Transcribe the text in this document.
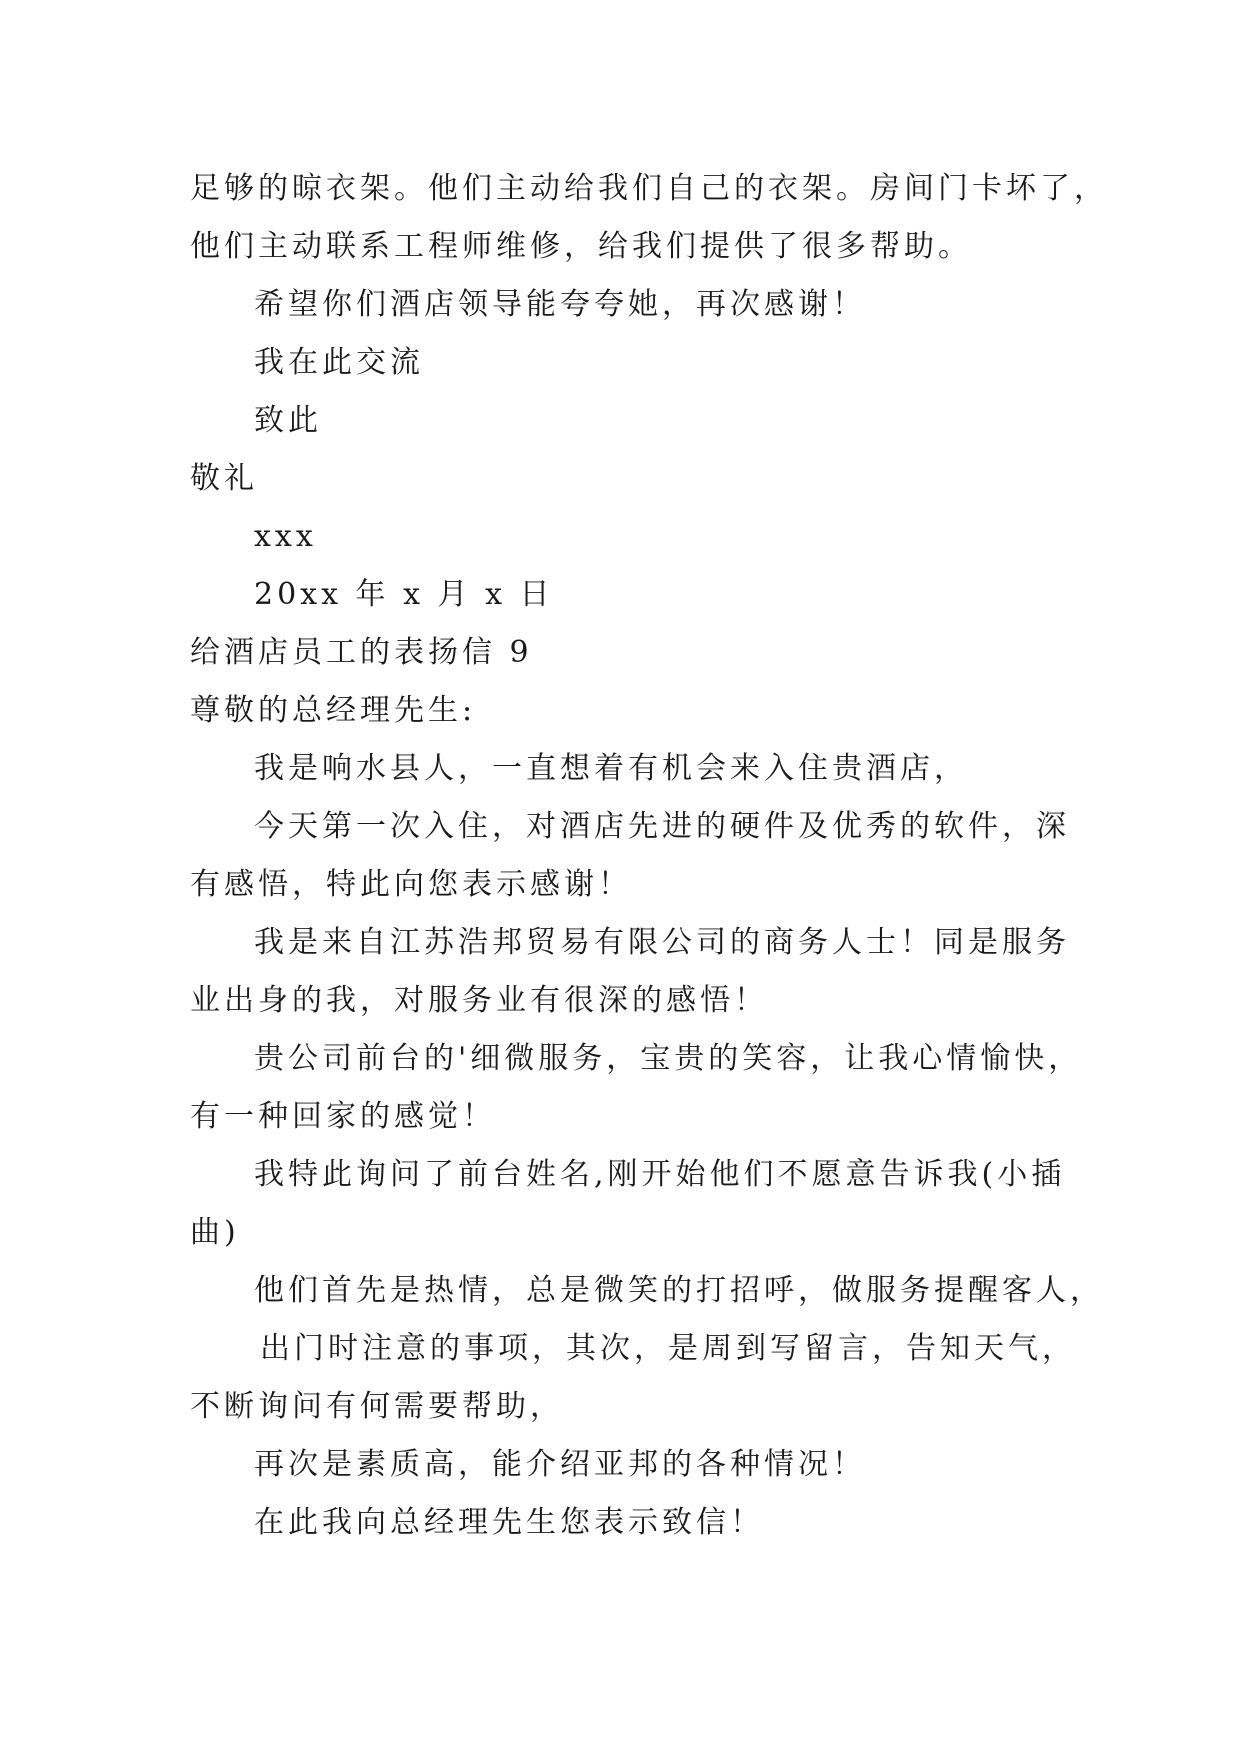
足够的晾衣架。他们主动给我们自己的衣架。房间门卡坏了，
他们主动联系工程师维修，给我们提供了很多帮助。
希望你们酒店领导能夸夸她，再次感谢！
我在此交流
致此
敬礼
xxx
20xx 年 x 月 x 日
给酒店员工的表扬信 9
尊敬的总经理先生:
我是响水县人，一直想着有机会来入住贵酒店，
今天第一次入住，对酒店先进的硬件及优秀的软件，深
有感悟，特此向您表示感谢！
我是来自江苏浩邦贸易有限公司的商务人士！同是服务
业出身的我，对服务业有很深的感悟！
贵公司前台的'细微服务，宝贵的笑容，让我心情愉快，
有一种回家的感觉！
我特此询问了前台姓名,刚开始他们不愿意告诉我(小插
曲)
他们首先是热情，总是微笑的打招呼，做服务提醒客人，
出门时注意的事项，其次，是周到写留言，告知天气，
不断询问有何需要帮助，
再次是素质高，能介绍亚邦的各种情况！
在此我向总经理先生您表示致信！
